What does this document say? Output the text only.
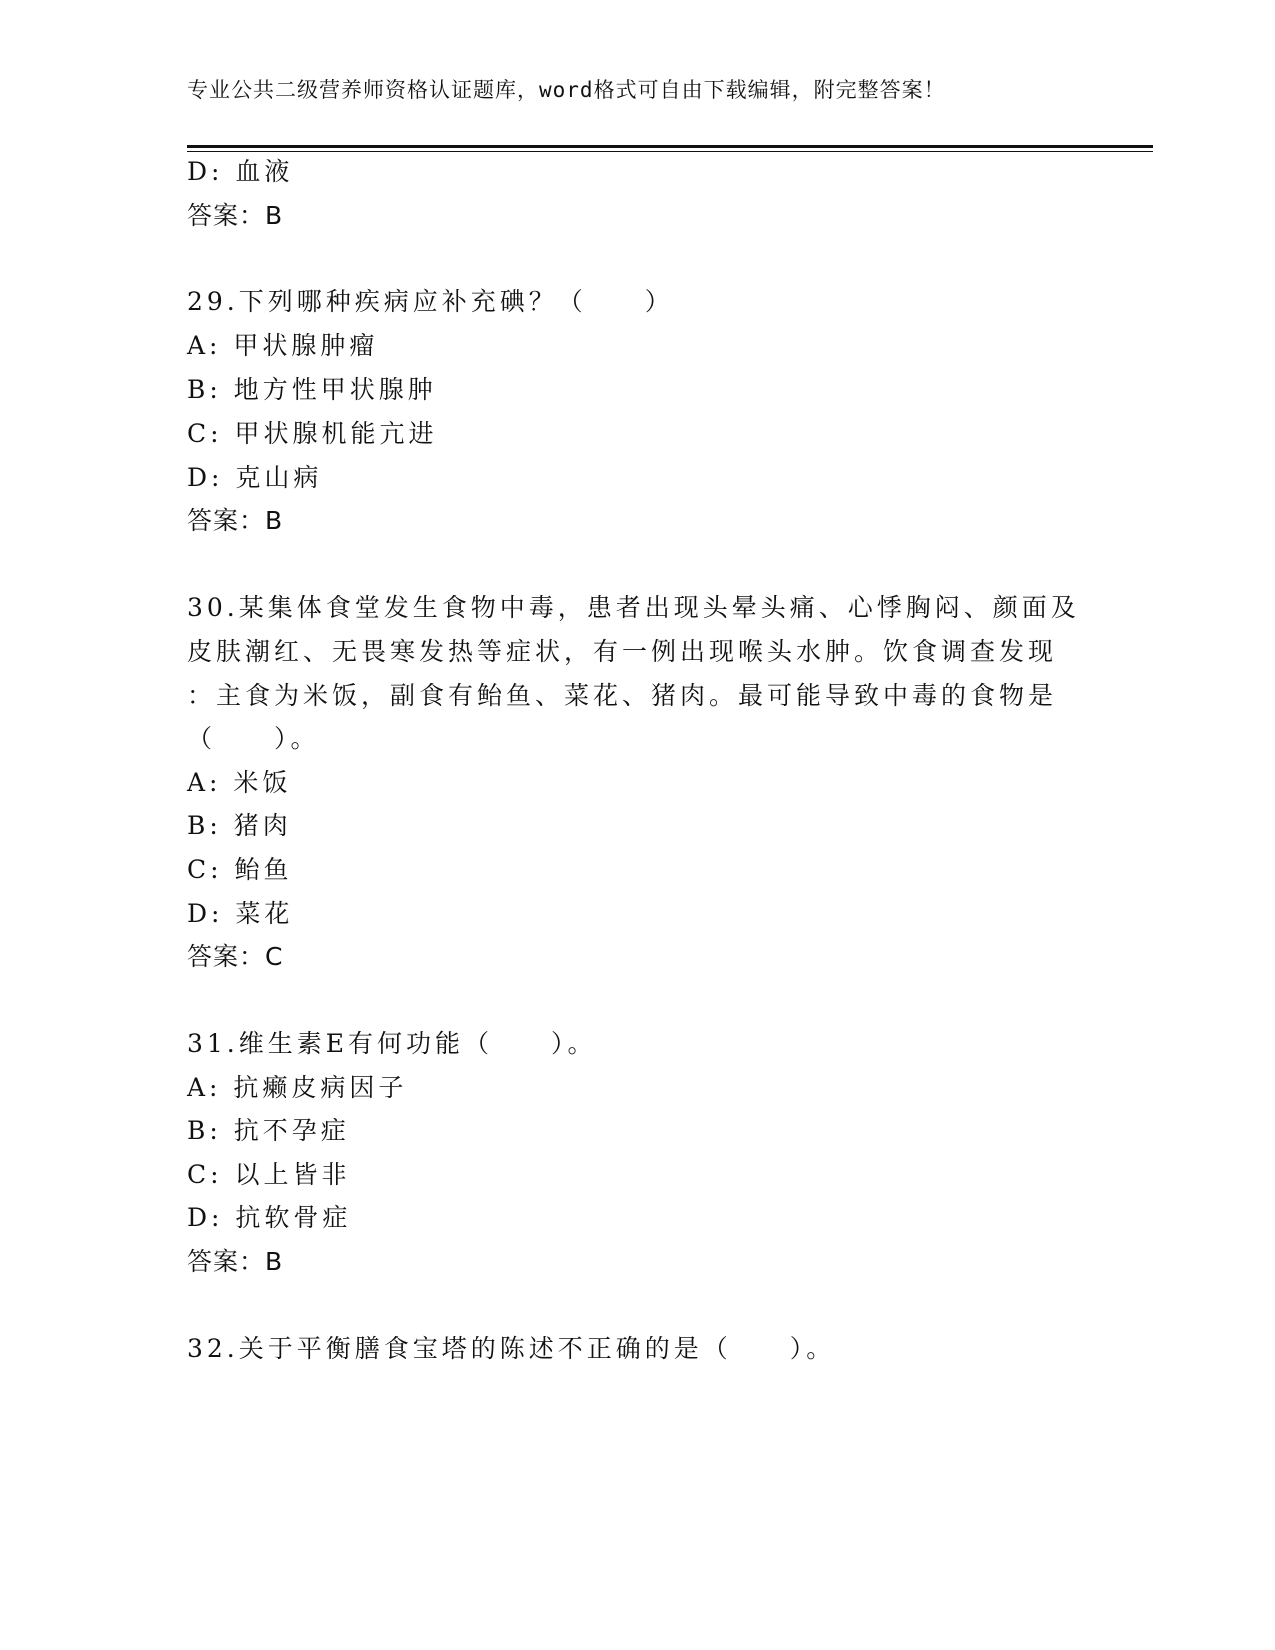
专业公共二级营养师资格认证题库，word格式可自由下载编辑，附完整答案！
D: 血液
答案：B
29.下列哪种疾病应补充碘？（　　）
A: 甲状腺肿瘤
B: 地方性甲状腺肿
C: 甲状腺机能亢进
D: 克山病
答案：B
30.某集体食堂发生食物中毒，患者出现头晕头痛、心悸胸闷、颜面及
皮肤潮红、无畏寒发热等症状，有一例出现喉头水肿。饮食调查发现
：主食为米饭，副食有鲐鱼、菜花、猪肉。最可能导致中毒的食物是
（　　）。
A: 米饭
B: 猪肉
C: 鲐鱼
D: 菜花
答案：C
31.维生素E有何功能（　　）。
A: 抗癞皮病因子
B: 抗不孕症
C: 以上皆非
D: 抗软骨症
答案：B
32.关于平衡膳食宝塔的陈述不正确的是（　　）。
